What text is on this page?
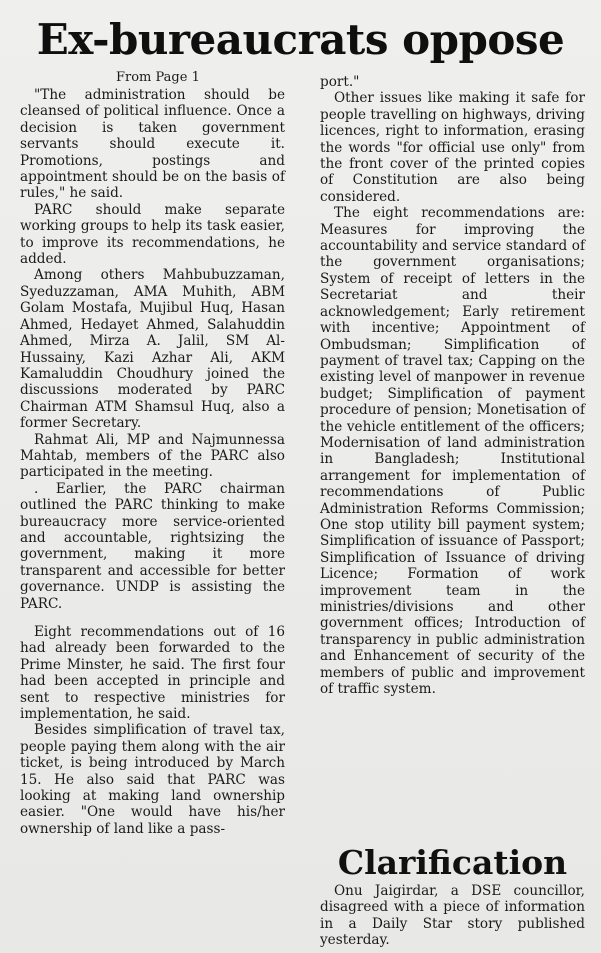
Ex-bureaucrats oppose

From Page 1

"The administration should be cleansed of political influence. Once a decision is taken government servants should execute it. Promotions, postings and appointment should be on the basis of rules," he said.

PARC should make separate working groups to help its task easier, to improve its recommendations, he added.

Among others Mahbubuzzaman, Syeduzzaman, AMA Muhith, ABM Golam Mostafa, Mujibul Huq, Hasan Ahmed, Hedayet Ahmed, Salahuddin Ahmed, Mirza A. Jalil, SM Al-Hussainy, Kazi Azhar Ali, AKM Kamaluddin Choudhury joined the discussions moderated by PARC Chairman ATM Shamsul Huq, also a former Secretary.

Rahmat Ali, MP and Najmunnessa Mahtab, members of the PARC also participated in the meeting.

. Earlier, the PARC chairman outlined the PARC thinking to make bureaucracy more service-oriented and accountable, rightsizing the government, making it more transparent and accessible for better governance. UNDP is assisting the PARC.

Eight recommendations out of 16 had already been forwarded to the Prime Minster, he said. The first four had been accepted in principle and sent to respective ministries for implementation, he said.

Besides simplification of travel tax, people paying them along with the air ticket, is being introduced by March 15. He also said that PARC was looking at making land ownership easier. "One would have his/her ownership of land like a pass-

port."

Other issues like making it safe for people travelling on highways, driving licences, right to information, erasing the words "for official use only" from the front cover of the printed copies of Constitution are also being considered.

The eight recommendations are: Measures for improving the accountability and service standard of the government organisations; System of receipt of letters in the Secretariat and their acknowledgement; Early retirement with incentive; Appointment of Ombudsman; Simplification of payment of travel tax; Capping on the existing level of manpower in revenue budget; Simplification of payment procedure of pension; Monetisation of the vehicle entitlement of the officers; Modernisation of land administration in Bangladesh; Institutional arrangement for implementation of recommendations of Public Administration Reforms Commission; One stop utility bill payment system; Simplification of issuance of Passport; Simplification of Issuance of driving Licence; Formation of work improvement team in the ministries/divisions and other government offices; Introduction of transparency in public administration and Enhancement of security of the members of public and improvement of traffic system.

Clarification

Onu Jaigirdar, a DSE councillor, disagreed with a piece of information in a Daily Star story published yesterday.
